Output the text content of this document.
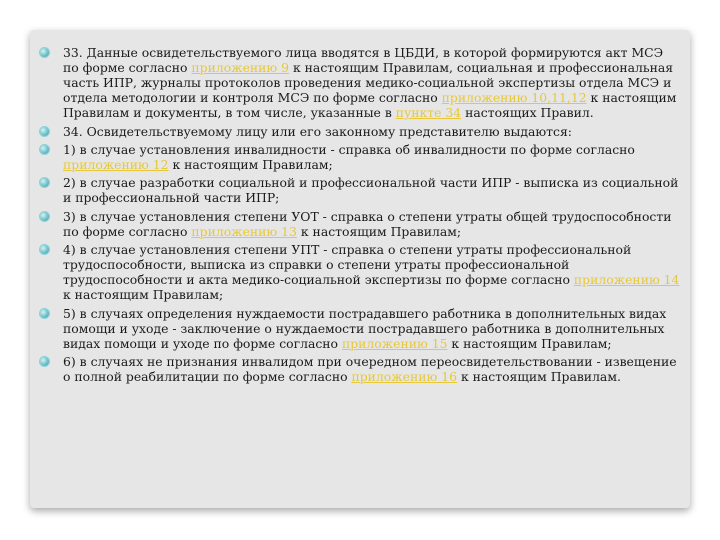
33. Данные освидетельствуемого лица вводятся в ЦБДИ, в которой формируются акт МСЭ по форме согласно приложению 9 к настоящим Правилам, социальная и профессиональная часть ИПР, журналы протоколов проведения медико-социальной экспертизы отдела МСЭ и отдела методологии и контроля МСЭ по форме согласно приложению 10,11,12 к настоящим Правилам и документы, в том числе, указанные в пункте 34 настоящих Правил.
34. Освидетельствуемому лицу или его законному представителю выдаются:
1) в случае установления инвалидности - справка об инвалидности по форме согласно приложению 12 к настоящим Правилам;
2) в случае разработки социальной и профессиональной части ИПР - выписка из социальной и профессиональной части ИПР;
3) в случае установления степени УОТ - справка о степени утраты общей трудоспособности по форме согласно приложению 13 к настоящим Правилам;
4) в случае установления степени УПТ - справка о степени утраты профессиональной трудоспособности, выписка из справки о степени утраты профессиональной трудоспособности и акта медико-социальной экспертизы по форме согласно приложению 14 к настоящим Правилам;
5) в случаях определения нуждаемости пострадавшего работника в дополнительных видах помощи и уходе - заключение о нуждаемости пострадавшего работника в дополнительных видах помощи и уходе по форме согласно приложению 15 к настоящим Правилам;
6) в случаях не признания инвалидом при очередном переосвидетельствовании - извещение о полной реабилитации по форме согласно приложению 16 к настоящим Правилам.
